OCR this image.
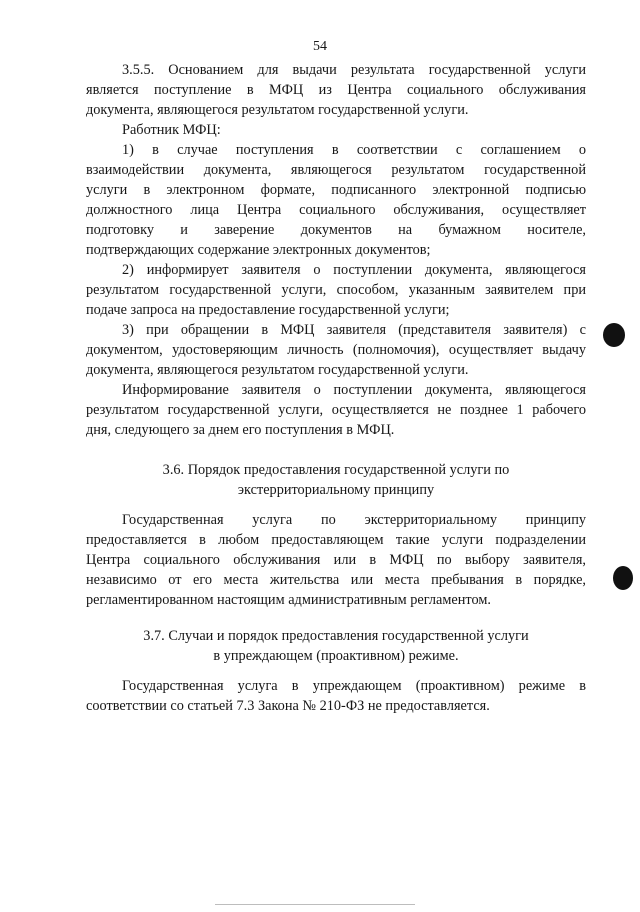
54
3.5.5. Основанием для выдачи результата государственной услуги
является поступление в МФЦ из Центра социального обслуживания
документа, являющегося результатом государственной услуги.
Работник МФЦ:
1) в случае поступления в соответствии с соглашением о
взаимодействии документа, являющегося результатом государственной
услуги в электронном формате, подписанного электронной подписью
должностного лица Центра социального обслуживания, осуществляет
подготовку и заверение документов на бумажном носителе,
подтверждающих содержание электронных документов;
2) информирует заявителя о поступлении документа, являющегося
результатом государственной услуги, способом, указанным заявителем при
подаче запроса на предоставление государственной услуги;
3) при обращении в МФЦ заявителя (представителя заявителя) с
документом, удостоверяющим личность (полномочия), осуществляет выдачу
документа, являющегося результатом государственной услуги.
Информирование заявителя о поступлении документа, являющегося
результатом государственной услуги, осуществляется не позднее 1 рабочего
дня, следующего за днем его поступления в МФЦ.
3.6. Порядок предоставления государственной услуги по
экстерриториальному принципу
Государственная услуга по экстерриториальному принципу
предоставляется в любом предоставляющем такие услуги подразделении
Центра социального обслуживания или в МФЦ по выбору заявителя,
независимо от его места жительства или места пребывания в порядке,
регламентированном настоящим административным регламентом.
3.7. Случаи и порядок предоставления государственной услуги
в упреждающем (проактивном) режиме.
Государственная услуга в упреждающем (проактивном) режиме в
соответствии со статьей 7.3 Закона № 210-ФЗ не предоставляется.
